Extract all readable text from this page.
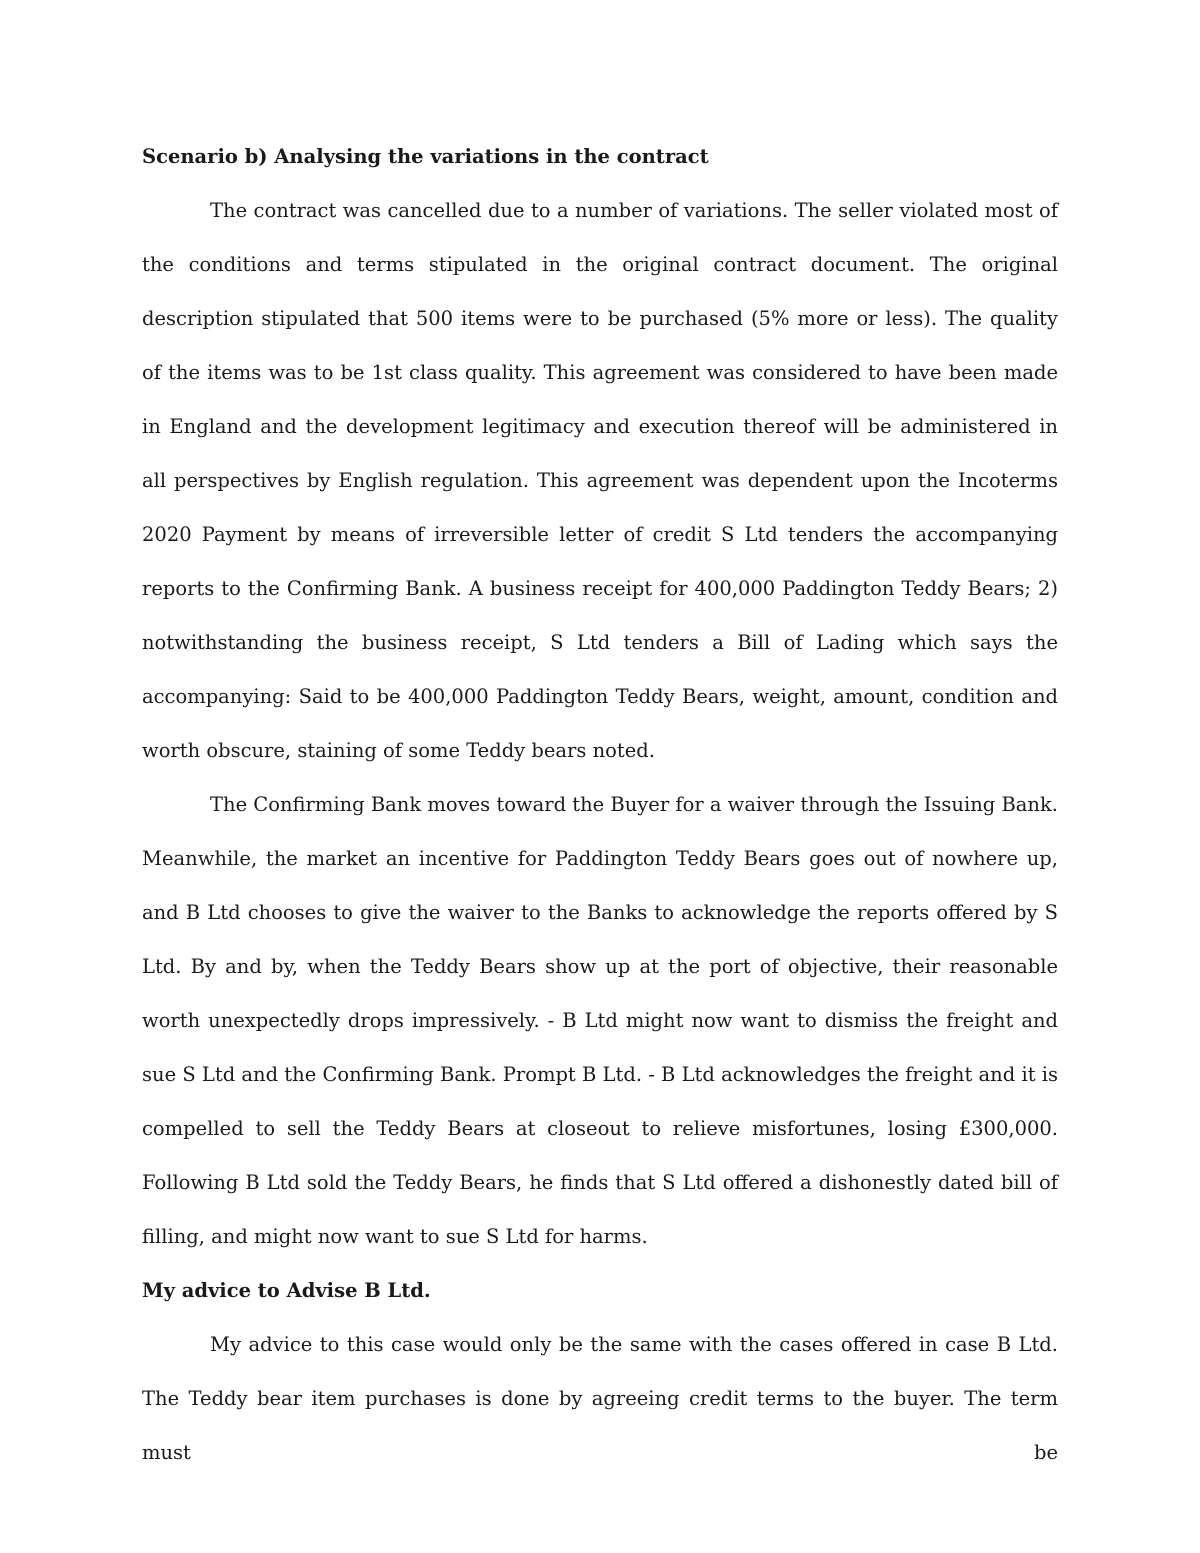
Scenario b) Analysing the variations in the contract

The contract was cancelled due to a number of variations. The seller violated most of the conditions and terms stipulated in the original contract document. The original description stipulated that 500 items were to be purchased (5% more or less). The quality of the items was to be 1st class quality. This agreement was considered to have been made in England and the development legitimacy and execution thereof will be administered in all perspectives by English regulation. This agreement was dependent upon the Incoterms 2020 Payment by means of irreversible letter of credit S Ltd tenders the accompanying reports to the Confirming Bank. A business receipt for 400,000 Paddington Teddy Bears; 2) notwithstanding the business receipt, S Ltd tenders a Bill of Lading which says the accompanying: Said to be 400,000 Paddington Teddy Bears, weight, amount, condition and worth obscure, staining of some Teddy bears noted.

The Confirming Bank moves toward the Buyer for a waiver through the Issuing Bank. Meanwhile, the market an incentive for Paddington Teddy Bears goes out of nowhere up, and B Ltd chooses to give the waiver to the Banks to acknowledge the reports offered by S Ltd. By and by, when the Teddy Bears show up at the port of objective, their reasonable worth unexpectedly drops impressively. - B Ltd might now want to dismiss the freight and sue S Ltd and the Confirming Bank. Prompt B Ltd. - B Ltd acknowledges the freight and it is compelled to sell the Teddy Bears at closeout to relieve misfortunes, losing £300,000. Following B Ltd sold the Teddy Bears, he finds that S Ltd offered a dishonestly dated bill of filling, and might now want to sue S Ltd for harms.

My advice to Advise B Ltd.

My advice to this case would only be the same with the cases offered in case B Ltd. The Teddy bear item purchases is done by agreeing credit terms to the buyer. The term must be
